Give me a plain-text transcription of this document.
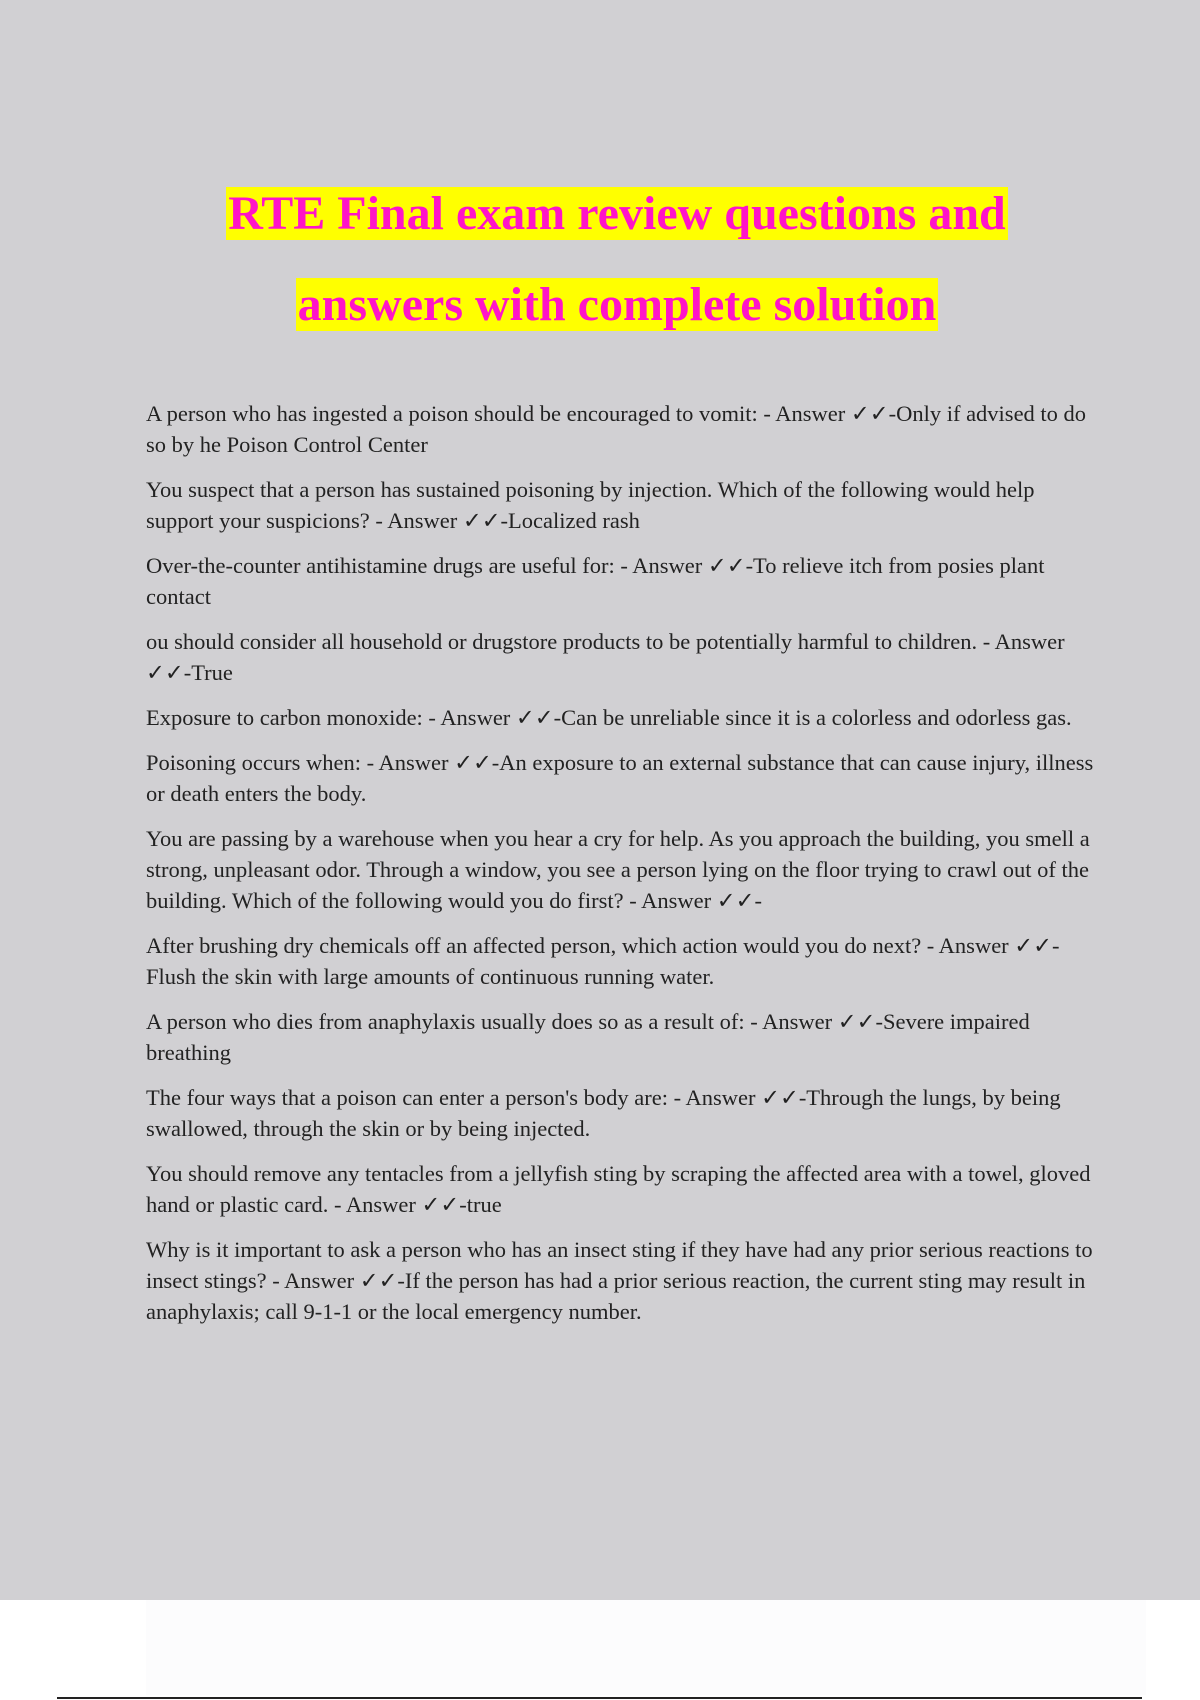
RTE Final exam review questions and
answers with complete solution
A person who has ingested a poison should be encouraged to vomit: - Answer ✓✓-Only if advised to do so by he Poison Control Center
You suspect that a person has sustained poisoning by injection. Which of the following would help support your suspicions? - Answer ✓✓-Localized rash
Over-the-counter antihistamine drugs are useful for: - Answer ✓✓-To relieve itch from posies plant contact
ou should consider all household or drugstore products to be potentially harmful to children. - Answer ✓✓-True
Exposure to carbon monoxide: - Answer ✓✓-Can be unreliable since it is a colorless and odorless gas.
Poisoning occurs when: - Answer ✓✓-An exposure to an external substance that can cause injury, illness or death enters the body.
You are passing by a warehouse when you hear a cry for help. As you approach the building, you smell a strong, unpleasant odor. Through a window, you see a person lying on the floor trying to crawl out of the building. Which of the following would you do first? - Answer ✓✓-
After brushing dry chemicals off an affected person, which action would you do next? - Answer ✓✓-Flush the skin with large amounts of continuous running water.
A person who dies from anaphylaxis usually does so as a result of: - Answer ✓✓-Severe impaired breathing
The four ways that a poison can enter a person's body are: - Answer ✓✓-Through the lungs, by being swallowed, through the skin or by being injected.
You should remove any tentacles from a jellyfish sting by scraping the affected area with a towel, gloved hand or plastic card. - Answer ✓✓-true
Why is it important to ask a person who has an insect sting if they have had any prior serious reactions to insect stings? - Answer ✓✓-If the person has had a prior serious reaction, the current sting may result in anaphylaxis; call 9-1-1 or the local emergency number.
